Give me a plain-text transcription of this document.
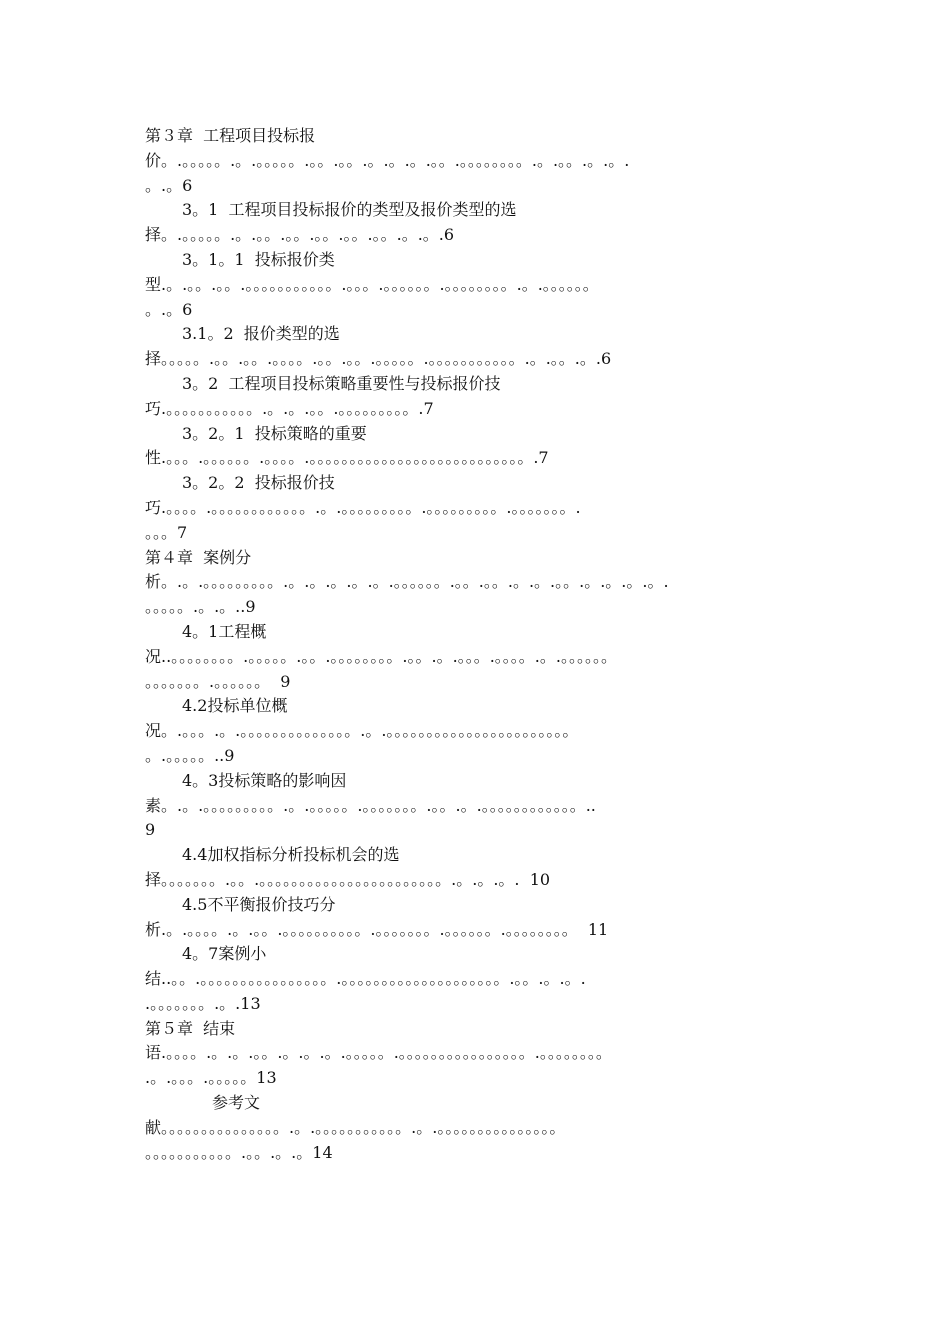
第３章  工程项目投标报
价。.。。。。。.。.。。。。。.。。.。。.。.。.。.。。.。。。。。。。。.。.。。.。.。.
。.。6
3。1  工程项目投标报价的类型及报价类型的选
择。.。。。。。.。.。。.。。.。。.。。.。。.。.。.6
3。1。1  投标报价类
型.。.。。.。。.。。。。。。。。。。。.。。。.。。。。。。.。。。。。。。。.。.。。。。。。
。.。6
3.1。2  报价类型的选
择。。。。。.。。.。。.。。。。.。。.。。.。。。。。.。。。。。。。。。。。.。.。。.。.6
3。2  工程项目投标策略重要性与投标报价技
巧.。。。。。。。。。。。.。.。.。。.。。。。。。。。。.7
3。2。1  投标策略的重要
性.。。。.。。。。。。.。。。。.。。。。。。。。。。。。。。。。。。。。。。。。。。。.7
3。2。2  投标报价技
巧.。。。。.。。。。。。。。。。。。.。.。。。。。。。。。.。。。。。。。。。.。。。。。。。.
。。。7
第４章  案例分
析。.。.。。。。。。。。。.。.。.。.。.。.。。。。。。.。。.。。.。.。.。。.。.。.。.。.
。。。。。.。.。..9
4。1工程概
况..。。。。。。。。.。。。。。.。。.。。。。。。。。.。。.。.。。。.。。。。.。.。。。。。。
。。。。。。。.。。。。。。  9
4.2投标单位概
况。.。。。.。.。。。。。。。。。。。。。。.。.。。。。。。。。。。。。。。。。。。。。。。。
。.。。。。。..9
4。3投标策略的影响因
素。.。.。。。。。。。。。.。.。。。。。.。。。。。。。.。。.。.。。。。。。。。。。。。..
9
4.4加权指标分析投标机会的选
择。。。。。。。.。。.。。。。。。。。。。。。。。。。。。。。。。。.。.。.。.  10
4.5不平衡报价技巧分
析.。.。。。。.。.。。.。。。。。。。。。。.。。。。。。。.。。。。。。.。。。。。。。。  11
4。7案例小
结..。。.。。。。。。。。。。。。。。。。.。。。。。。。。。。。。。。。。。。。。.。。.。.。.
.。。。。。。。.。.13
第５章  结束
语.。。。。.。.。.。。.。.。.。.。。。。。.。。。。。。。。。。。。。。。。.。。。。。。。。
.。.。。。.。。。。。13
参考文
献。。。。。。。。。。。。。。。.。.。。。。。。。。。。。.。.。。。。。。。。。。。。。。。
。。。。。。。。。。。.。。.。.。14
